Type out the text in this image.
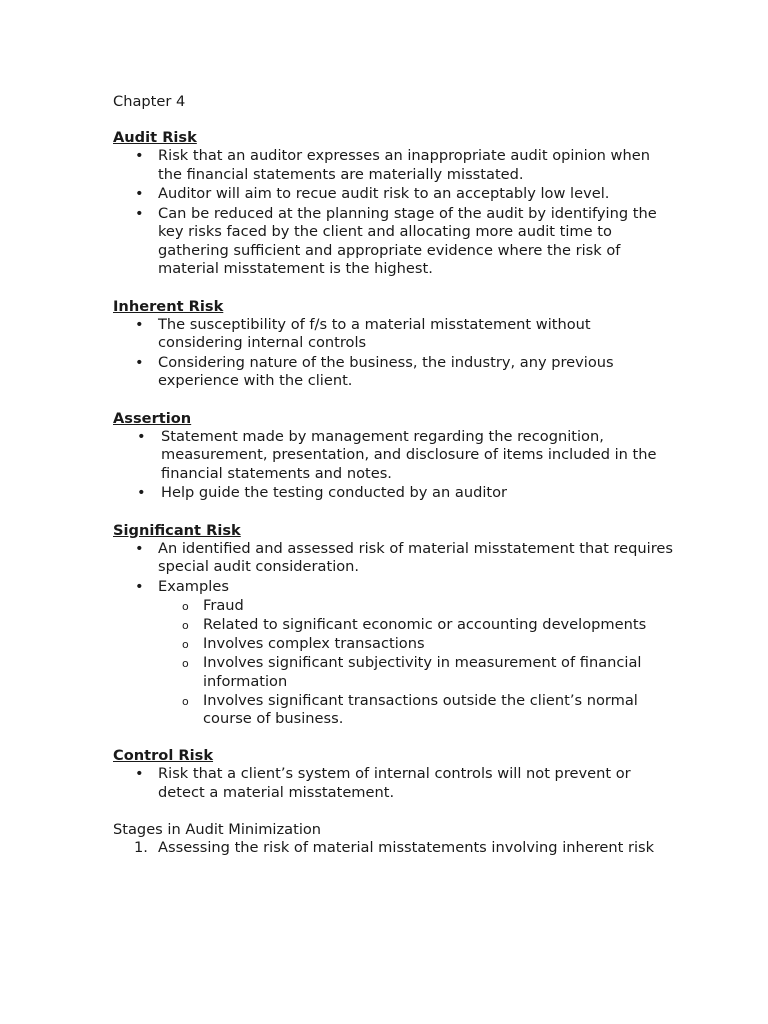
Chapter 4
Audit Risk
• Risk that an auditor expresses an inappropriate audit opinion when the financial statements are materially misstated.
• Auditor will aim to recue audit risk to an acceptably low level.
• Can be reduced at the planning stage of the audit by identifying the key risks faced by the client and allocating more audit time to gathering sufficient and appropriate evidence where the risk of material misstatement is the highest.
Inherent Risk
• The susceptibility of f/s to a material misstatement without considering internal controls
• Considering nature of the business, the industry, any previous experience with the client.
Assertion
• Statement made by management regarding the recognition, measurement, presentation, and disclosure of items included in the financial statements and notes.
• Help guide the testing conducted by an auditor
Significant Risk
• An identified and assessed risk of material misstatement that requires special audit consideration.
• Examples
o Fraud
o Related to significant economic or accounting developments
o Involves complex transactions
o Involves significant subjectivity in measurement of financial information
o Involves significant transactions outside the client’s normal course of business.
Control Risk
• Risk that a client’s system of internal controls will not prevent or detect a material misstatement.
Stages in Audit Minimization
1. Assessing the risk of material misstatements involving inherent risk
